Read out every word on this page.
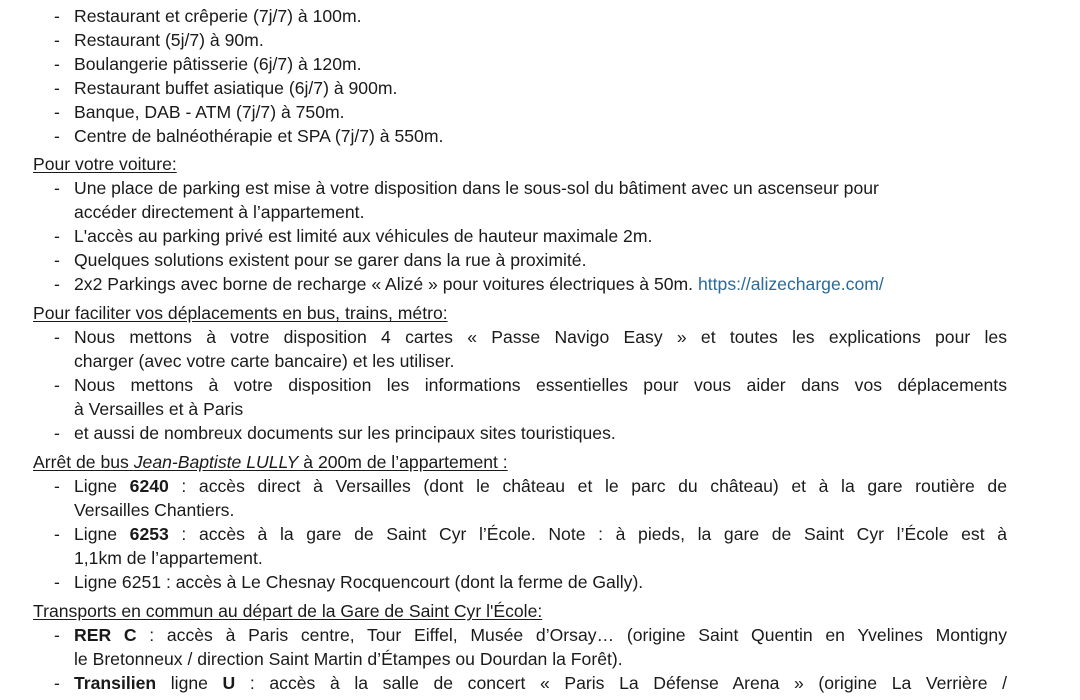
- Restaurant et crêperie (7j/7) à 100m.
- Restaurant (5j/7) à 90m.
- Boulangerie pâtisserie (6j/7) à 120m.
- Restaurant buffet asiatique (6j/7) à 900m.
- Banque, DAB - ATM (7j/7) à 750m.
- Centre de balnéothérapie et SPA (7j/7) à 550m.
Pour votre voiture:
- Une place de parking est mise à votre disposition dans le sous-sol du bâtiment avec un ascenseur pour
accéder directement à l’appartement.
- L'accès au parking privé est limité aux véhicules de hauteur maximale 2m.
- Quelques solutions existent pour se garer dans la rue à proximité.
- 2x2 Parkings avec borne de recharge « Alizé » pour voitures électriques à 50m. https://alizecharge.com/
Pour faciliter vos déplacements en bus, trains, métro:
- Nous mettons à votre disposition 4 cartes « Passe Navigo Easy » et toutes les explications pour les
charger (avec votre carte bancaire) et les utiliser.
- Nous mettons à votre disposition les informations essentielles pour vous aider dans vos déplacements
à Versailles et à Paris
- et aussi de nombreux documents sur les principaux sites touristiques.
Arrêt de bus Jean-Baptiste LULLY à 200m de l’appartement :
- Ligne 6240 : accès direct à Versailles (dont le château et le parc du château) et à la gare routière de
Versailles Chantiers.
- Ligne 6253 : accès à la gare de Saint Cyr l’École. Note : à pieds, la gare de Saint Cyr l’École est à
1,1km de l’appartement.
- Ligne 6251 : accès à Le Chesnay Rocquencourt (dont la ferme de Gally).
Transports en commun au départ de la Gare de Saint Cyr l'École:
- RER C : accès à Paris centre, Tour Eiffel, Musée d’Orsay… (origine Saint Quentin en Yvelines Montigny
le Bretonneux / direction Saint Martin d’Étampes ou Dourdan la Forêt).
- Transilien ligne U : accès à la salle de concert « Paris La Défense Arena » (origine La Verrière /
